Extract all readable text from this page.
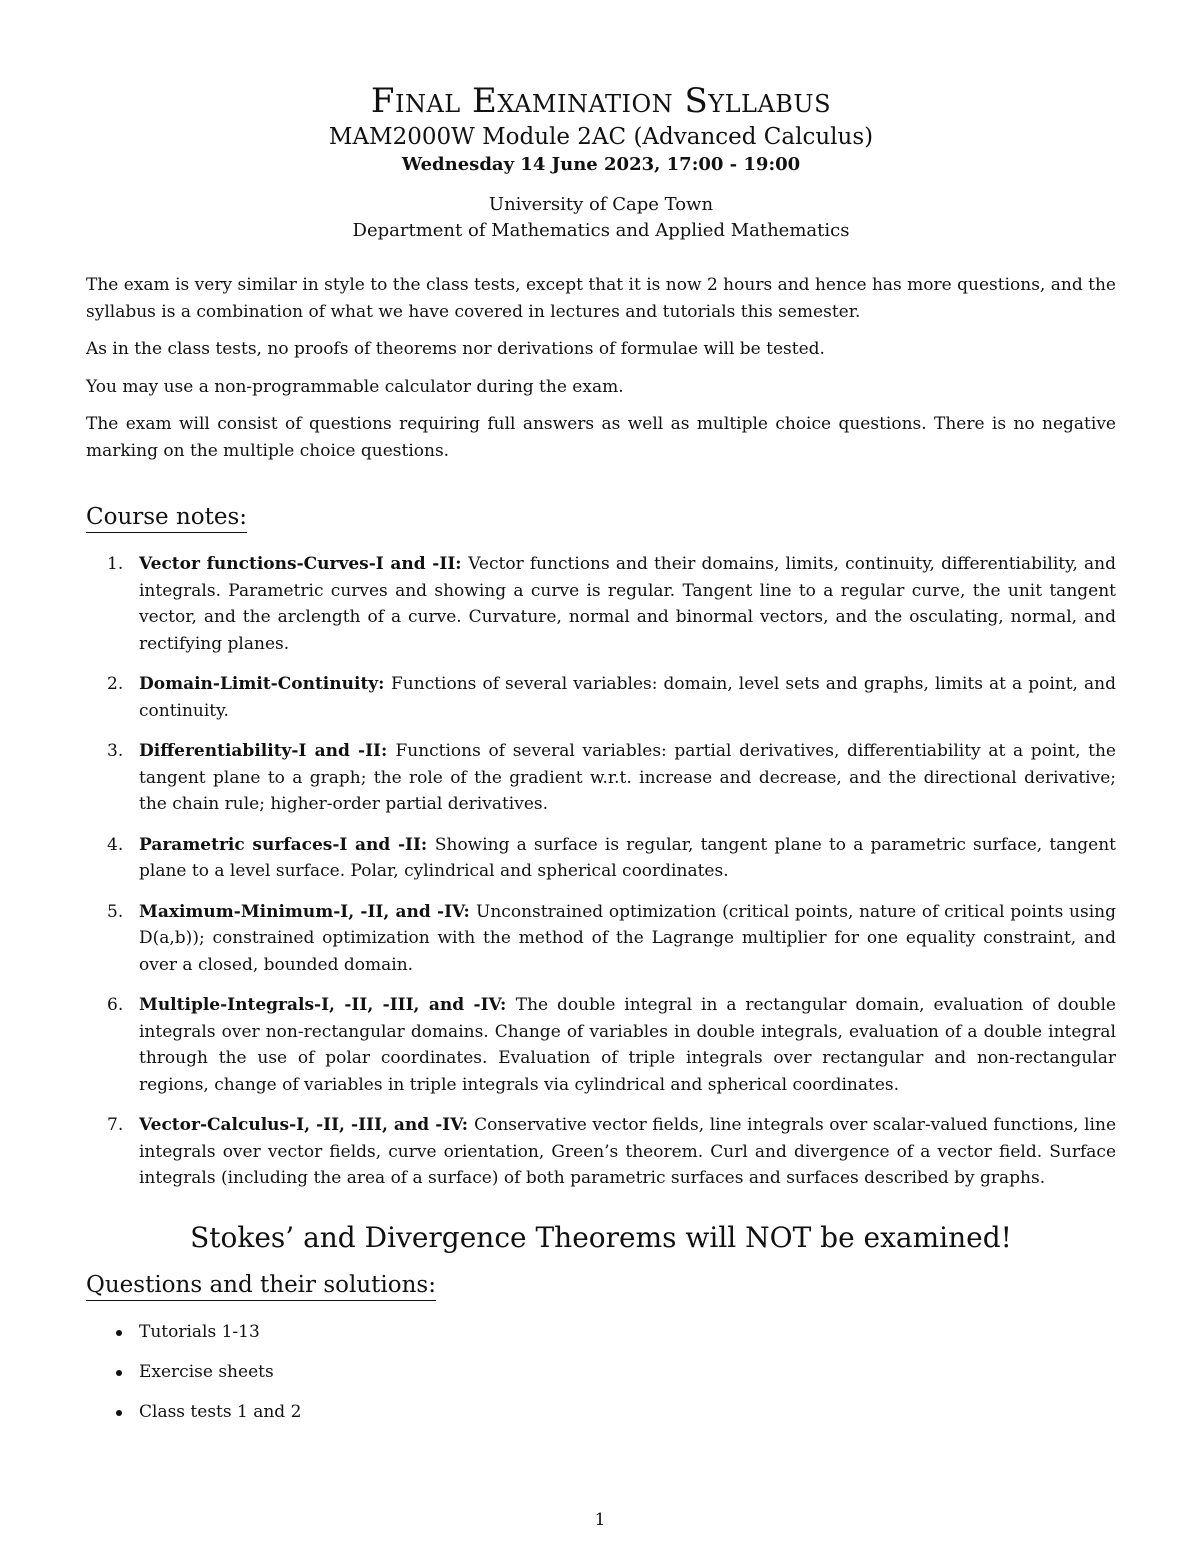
Final Examination Syllabus

MAM2000W Module 2AC (Advanced Calculus)

Wednesday 14 June 2023, 17:00 - 19:00

University of Cape Town

Department of Mathematics and Applied Mathematics

The exam is very similar in style to the class tests, except that it is now 2 hours and hence has more questions, and the syllabus is a combination of what we have covered in lectures and tutorials this semester.

As in the class tests, no proofs of theorems nor derivations of formulae will be tested.

You may use a non-programmable calculator during the exam.

The exam will consist of questions requiring full answers as well as multiple choice questions. There is no negative marking on the multiple choice questions.

Course notes:
1. Vector functions-Curves-I and -II: Vector functions and their domains, limits, continuity, differentiability, and integrals. Parametric curves and showing a curve is regular. Tangent line to a regular curve, the unit tangent vector, and the arclength of a curve. Curvature, normal and binormal vectors, and the osculating, normal, and rectifying planes.
2. Domain-Limit-Continuity: Functions of several variables: domain, level sets and graphs, limits at a point, and continuity.
3. Differentiability-I and -II: Functions of several variables: partial derivatives, differentiability at a point, the tangent plane to a graph; the role of the gradient w.r.t. increase and decrease, and the directional derivative; the chain rule; higher-order partial derivatives.
4. Parametric surfaces-I and -II: Showing a surface is regular, tangent plane to a parametric surface, tangent plane to a level surface. Polar, cylindrical and spherical coordinates.
5. Maximum-Minimum-I, -II, and -IV: Unconstrained optimization (critical points, nature of critical points using D(a,b)); constrained optimization with the method of the Lagrange multiplier for one equality constraint, and over a closed, bounded domain.
6. Multiple-Integrals-I, -II, -III, and -IV: The double integral in a rectangular domain, evaluation of double integrals over non-rectangular domains. Change of variables in double integrals, evaluation of a double integral through the use of polar coordinates. Evaluation of triple integrals over rectangular and non-rectangular regions, change of variables in triple integrals via cylindrical and spherical coordinates.
7. Vector-Calculus-I, -II, -III, and -IV: Conservative vector fields, line integrals over scalar-valued functions, line integrals over vector fields, curve orientation, Green’s theorem. Curl and divergence of a vector field. Surface integrals (including the area of a surface) of both parametric surfaces and surfaces described by graphs.

Stokes’ and Divergence Theorems will NOT be examined!

Questions and their solutions:
Tutorials 1-13
Exercise sheets
Class tests 1 and 2
1
